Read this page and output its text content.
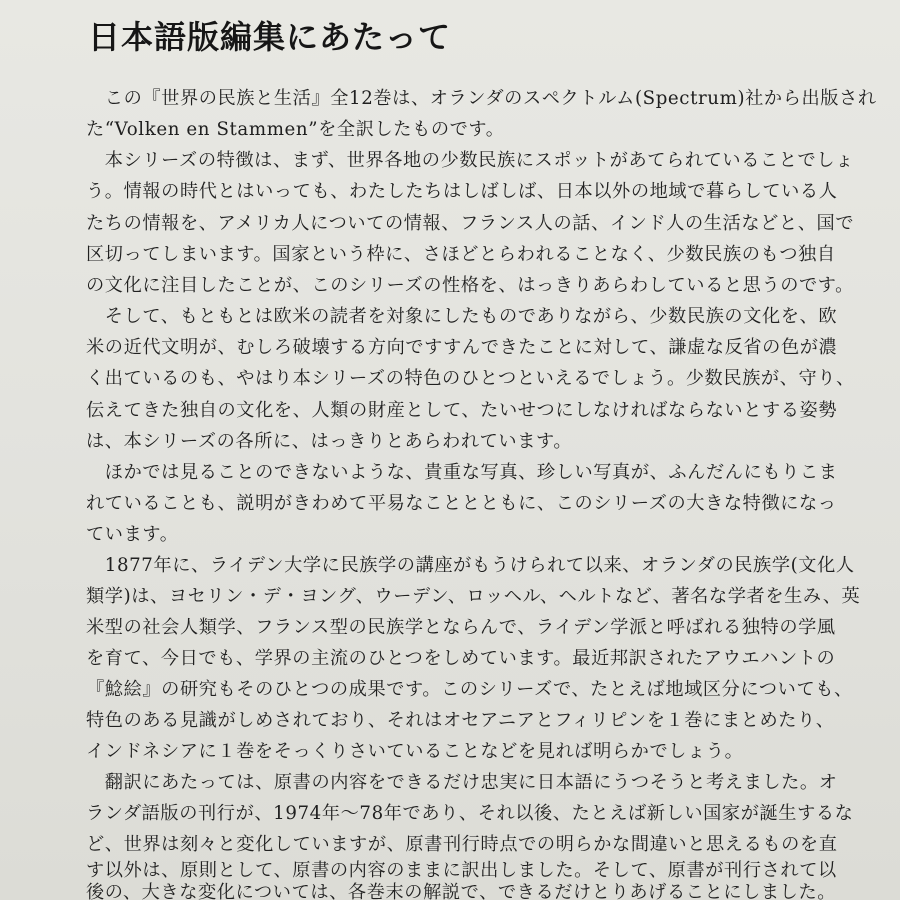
日本語版編集にあたって
　この『世界の民族と生活』全12巻は、オランダのスペクトルム(Spectrum)社から出版され
た“Volken en Stammen”を全訳したものです。
　本シリーズの特徴は、まず、世界各地の少数民族にスポットがあてられていることでしょ
う。情報の時代とはいっても、わたしたちはしばしば、日本以外の地域で暮らしている人
たちの情報を、アメリカ人についての情報、フランス人の話、インド人の生活などと、国で
区切ってしまいます。国家という枠に、さほどとらわれることなく、少数民族のもつ独自
の文化に注目したことが、このシリーズの性格を、はっきりあらわしていると思うのです。
　そして、もともとは欧米の読者を対象にしたものでありながら、少数民族の文化を、欧
米の近代文明が、むしろ破壊する方向ですすんできたことに対して、謙虚な反省の色が濃
く出ているのも、やはり本シリーズの特色のひとつといえるでしょう。少数民族が、守り、
伝えてきた独自の文化を、人類の財産として、たいせつにしなければならないとする姿勢
は、本シリーズの各所に、はっきりとあらわれています。
　ほかでは見ることのできないような、貴重な写真、珍しい写真が、ふんだんにもりこま
れていることも、説明がきわめて平易なこととともに、このシリーズの大きな特徴になっ
ています。
　1877年に、ライデン大学に民族学の講座がもうけられて以来、オランダの民族学(文化人
類学)は、ヨセリン・デ・ヨング、ウーデン、ロッヘル、ヘルトなど、著名な学者を生み、英
米型の社会人類学、フランス型の民族学とならんで、ライデン学派と呼ばれる独特の学風
を育て、今日でも、学界の主流のひとつをしめています。最近邦訳されたアウエハントの
『鯰絵』の研究もそのひとつの成果です。このシリーズで、たとえば地域区分についても、
特色のある見識がしめされており、それはオセアニアとフィリピンを１巻にまとめたり、
インドネシアに１巻をそっくりさいていることなどを見れば明らかでしょう。
　翻訳にあたっては、原書の内容をできるだけ忠実に日本語にうつそうと考えました。オ
ランダ語版の刊行が、1974年～78年であり、それ以後、たとえば新しい国家が誕生するな
ど、世界は刻々と変化していますが、原書刊行時点での明らかな間違いと思えるものを直
す以外は、原則として、原書の内容のままに訳出しました。そして、原書が刊行されて以
後の、大きな変化については、各巻末の解説で、できるだけとりあげることにしました。
